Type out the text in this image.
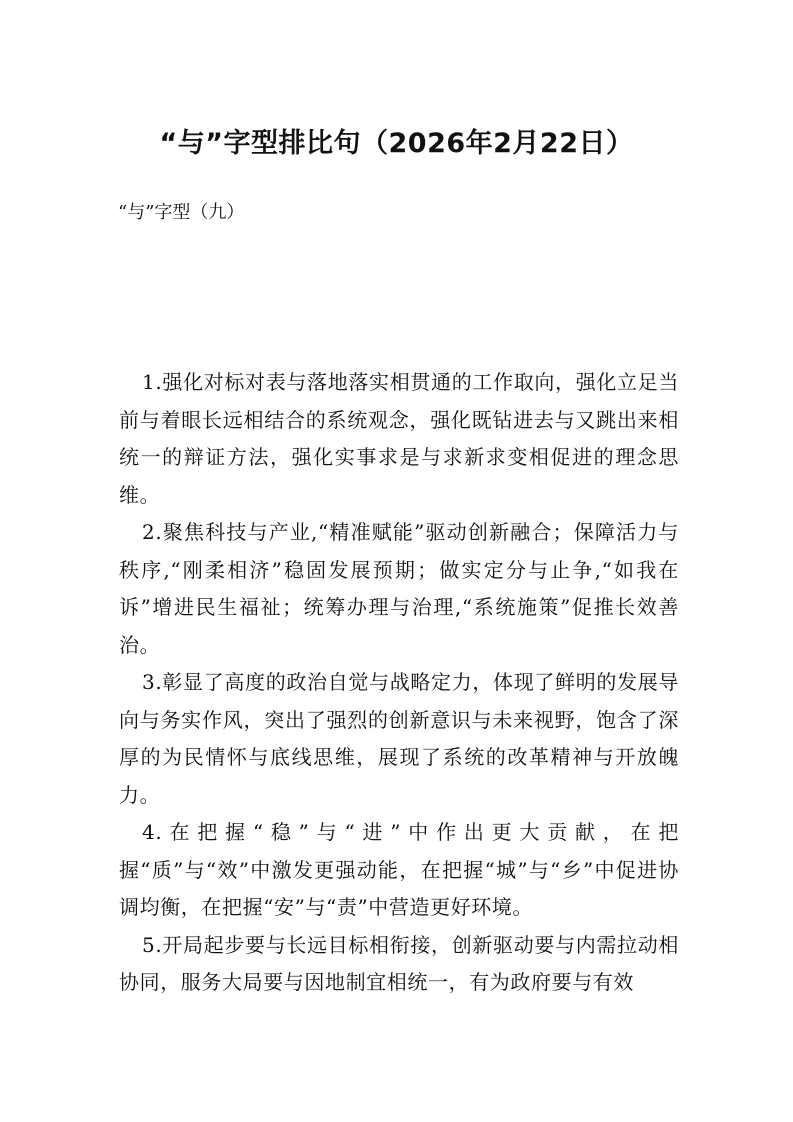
“与”字型排比句（2026年2月22日）
“与”字型（九）

1.强化对标对表与落地落实相贯通的工作取向，强化立足当前与着眼长远相结合的系统观念，强化既钻进去与又跳出来相统一的辩证方法，强化实事求是与求新求变相促进的理念思维。

2.聚焦科技与产业,“精准赋能”驱动创新融合；保障活力与秩序,“刚柔相济”稳固发展预期；做实定分与止争,“如我在诉”增进民生福祉；统筹办理与治理,“系统施策”促推长效善治。

3.彰显了高度的政治自觉与战略定力，体现了鲜明的发展导向与务实作风，突出了强烈的创新意识与未来视野，饱含了深厚的为民情怀与底线思维，展现了系统的改革精神与开放魄力。

4.在把握“稳”与“进”中作出更大贡献，在把握“质”与“效”中激发更强动能，在把握“城”与“乡”中促进协调均衡，在把握“安”与“责”中营造更好环境。

5.开局起步要与长远目标相衔接，创新驱动要与内需拉动相协同，服务大局要与因地制宜相统一，有为政府要与有效
